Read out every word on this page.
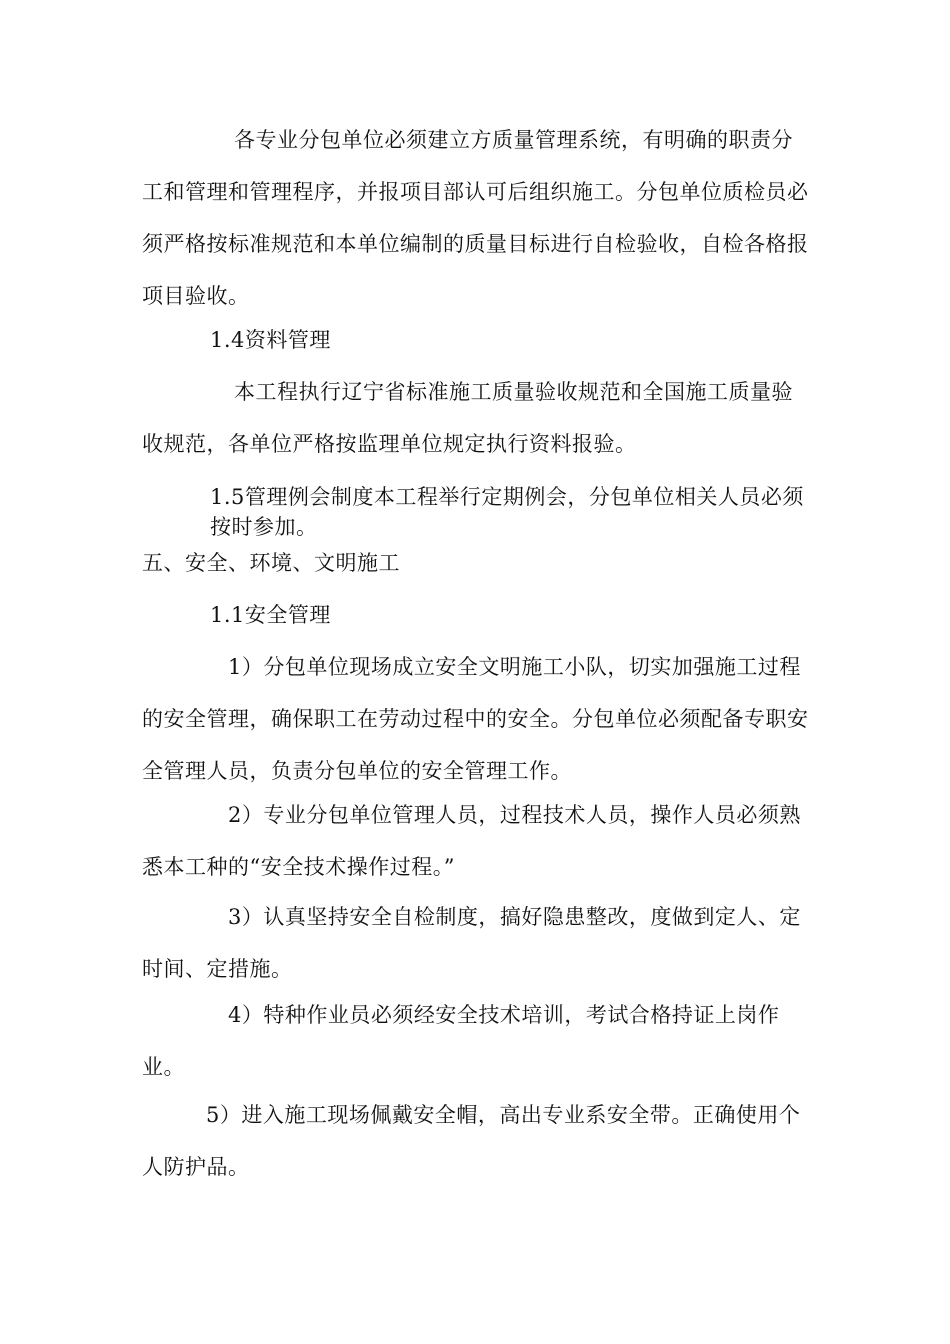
各专业分包单位必须建立方质量管理系统，有明确的职责分工和管理和管理程序，并报项目部认可后组织施工。分包单位质检员必须严格按标准规范和本单位编制的质量目标进行自检验收，自检各格报项目验收。

1.4资料管理

本工程执行辽宁省标准施工质量验收规范和全国施工质量验收规范，各单位严格按监理单位规定执行资料报验。

1.5管理例会制度本工程举行定期例会，分包单位相关人员必须按时参加。

五、安全、环境、文明施工
1.1安全管理

1）分包单位现场成立安全文明施工小队，切实加强施工过程的安全管理，确保职工在劳动过程中的安全。分包单位必须配备专职安全管理人员，负责分包单位的安全管理工作。

2）专业分包单位管理人员，过程技术人员，操作人员必须熟悉本工种的“安全技术操作过程。”

3）认真坚持安全自检制度，搞好隐患整改，度做到定人、定时间、定措施。

4）特种作业员必须经安全技术培训，考试合格持证上岗作业。

5）进入施工现场佩戴安全帽，高出专业系安全带。正确使用个人防护品。
